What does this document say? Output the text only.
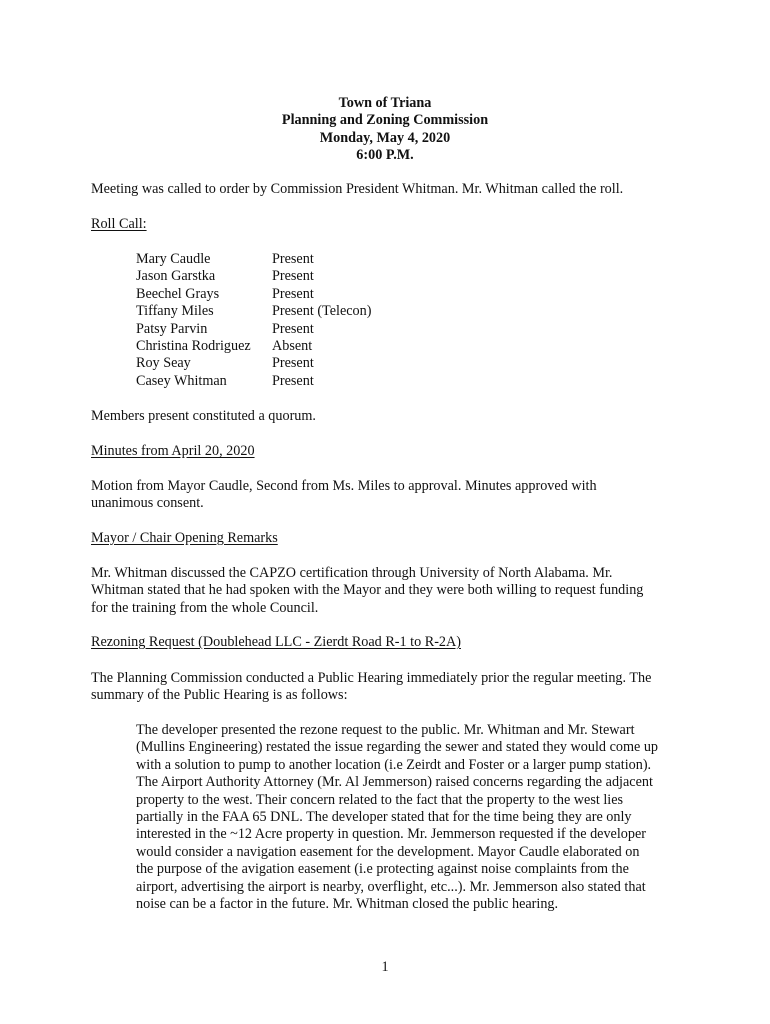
Town of Triana
Planning and Zoning Commission
Monday, May 4, 2020
6:00 P.M.
Meeting was called to order by Commission President Whitman. Mr. Whitman called the roll.
Roll Call:
Mary Caudle	Present
Jason Garstka	Present
Beechel Grays	Present
Tiffany Miles	Present (Telecon)
Patsy Parvin	Present
Christina Rodriguez	Absent
Roy Seay	Present
Casey Whitman	Present
Members present constituted a quorum.
Minutes from April 20, 2020
Motion from Mayor Caudle, Second from Ms. Miles to approval. Minutes approved with
unanimous consent.
Mayor / Chair Opening Remarks
Mr. Whitman discussed the CAPZO certification through University of North Alabama. Mr.
Whitman stated that he had spoken with the Mayor and they were both willing to request funding
for the training from the whole Council.
Rezoning Request (Doublehead LLC - Zierdt Road R-1 to R-2A)
The Planning Commission conducted a Public Hearing immediately prior the regular meeting. The
summary of the Public Hearing is as follows:
The developer presented the rezone request to the public. Mr. Whitman and Mr. Stewart
(Mullins Engineering) restated the issue regarding the sewer and stated they would come up
with a solution to pump to another location (i.e Zeirdt and Foster or a larger pump station).
The Airport Authority Attorney (Mr. Al Jemmerson) raised concerns regarding the adjacent
property to the west. Their concern related to the fact that the property to the west lies
partially in the FAA 65 DNL. The developer stated that for the time being they are only
interested in the ~12 Acre property in question. Mr. Jemmerson requested if the developer
would consider a navigation easement for the development. Mayor Caudle elaborated on
the purpose of the avigation easement (i.e protecting against noise complaints from the
airport, advertising the airport is nearby, overflight, etc...). Mr. Jemmerson also stated that
noise can be a factor in the future. Mr. Whitman closed the public hearing.
1
